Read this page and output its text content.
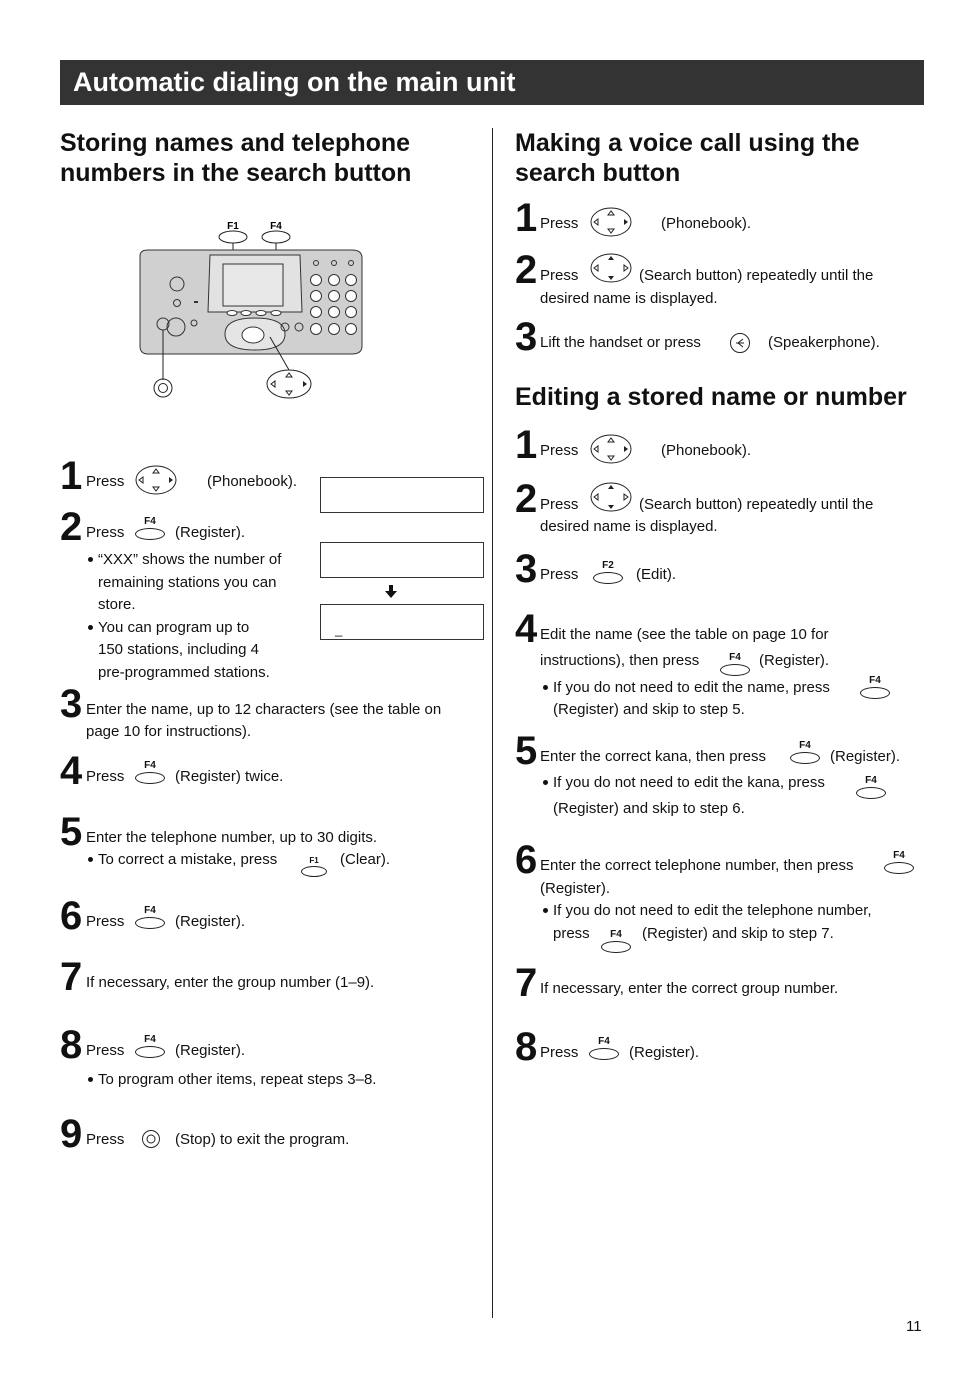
Automatic dialing on the main unit
Storing names and telephone
numbers in the search button
F1	F4
1 Press	(Phonebook).
2 Press
F4
(Register).
“XXX” shows the number of
remaining stations you can
store.
You can program up to
150 stations, including 4
pre-programmed stations.
_
3 Enter the name, up to 12 characters (see the table on
page 10 for instructions).
4 Press
F4
(Register) twice.
5 Enter the telephone number, up to 30 digits.
To correct a mistake, press	F1	(Clear).
6 Press
F4
(Register).
7 If necessary, enter the group number (1–9).
8 Press
F4
(Register).
To program other items, repeat steps 3–8.
9 Press	(Stop) to exit the program.
Making a voice call using the
search button
1 Press	(Phonebook).
2 Press	(Search button) repeatedly until the
desired name is displayed.
3 Lift the handset or press	(Speakerphone).
Editing a stored name or number
1 Press	(Phonebook).
2 Press	(Search button) repeatedly until the
desired name is displayed.
3 Press
F2
(Edit).
4 Edit the name (see the table on page 10 for
instructions), then press	F4	(Register).
If you do not need to edit the name, press	F4
(Register) and skip to step 5.
5 Enter the correct kana, then press
F4
(Register).
If you do not need to edit the kana, press	F4
(Register) and skip to step 6.
6 Enter the correct telephone number, then press
F4
(Register).
If you do not need to edit the telephone number,
press	F4	(Register) and skip to step 7.
7 If necessary, enter the correct group number.
8 Press
F4
(Register).
11
